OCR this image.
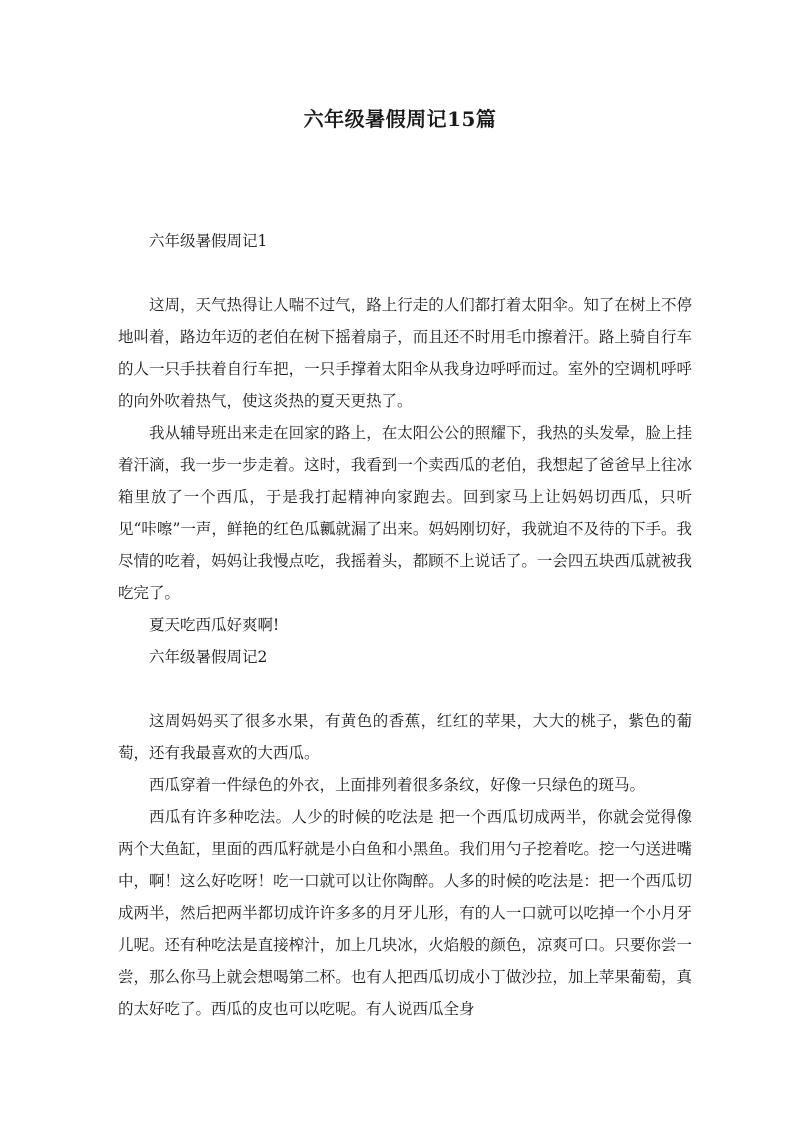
六年级暑假周记15篇

六年级暑假周记1

这周，天气热得让人喘不过气，路上行走的人们都打着太阳伞。知了在树上不停地叫着，路边年迈的老伯在树下摇着扇子，而且还不时用毛巾擦着汗。路上骑自行车的人一只手扶着自行车把，一只手撑着太阳伞从我身边呼呼而过。室外的空调机呼呼的向外吹着热气，使这炎热的夏天更热了。

我从辅导班出来走在回家的路上，在太阳公公的照耀下，我热的头发晕，脸上挂着汗滴，我一步一步走着。这时，我看到一个卖西瓜的老伯，我想起了爸爸早上往冰箱里放了一个西瓜，于是我打起精神向家跑去。回到家马上让妈妈切西瓜，只听见“咔嚓”一声，鲜艳的红色瓜瓤就漏了出来。妈妈刚切好，我就迫不及待的下手。我尽情的吃着，妈妈让我慢点吃，我摇着头，都顾不上说话了。一会四五块西瓜就被我吃完了。

夏天吃西瓜好爽啊!

六年级暑假周记2

这周妈妈买了很多水果，有黄色的香蕉，红红的苹果，大大的桃子，紫色的葡萄，还有我最喜欢的大西瓜。

西瓜穿着一件绿色的外衣，上面排列着很多条纹，好像一只绿色的斑马。

西瓜有许多种吃法。人少的时候的吃法是 把一个西瓜切成两半，你就会觉得像两个大鱼缸，里面的西瓜籽就是小白鱼和小黑鱼。我们用勺子挖着吃。挖一勺送进嘴中，啊！这么好吃呀！吃一口就可以让你陶醉。人多的时候的吃法是：把一个西瓜切成两半，然后把两半都切成许许多多的月牙儿形，有的人一口就可以吃掉一个小月牙儿呢。还有种吃法是直接榨汁，加上几块冰，火焰般的颜色，凉爽可口。只要你尝一尝，那么你马上就会想喝第二杯。也有人把西瓜切成小丁做沙拉，加上苹果葡萄，真的太好吃了。西瓜的皮也可以吃呢。有人说西瓜全身
